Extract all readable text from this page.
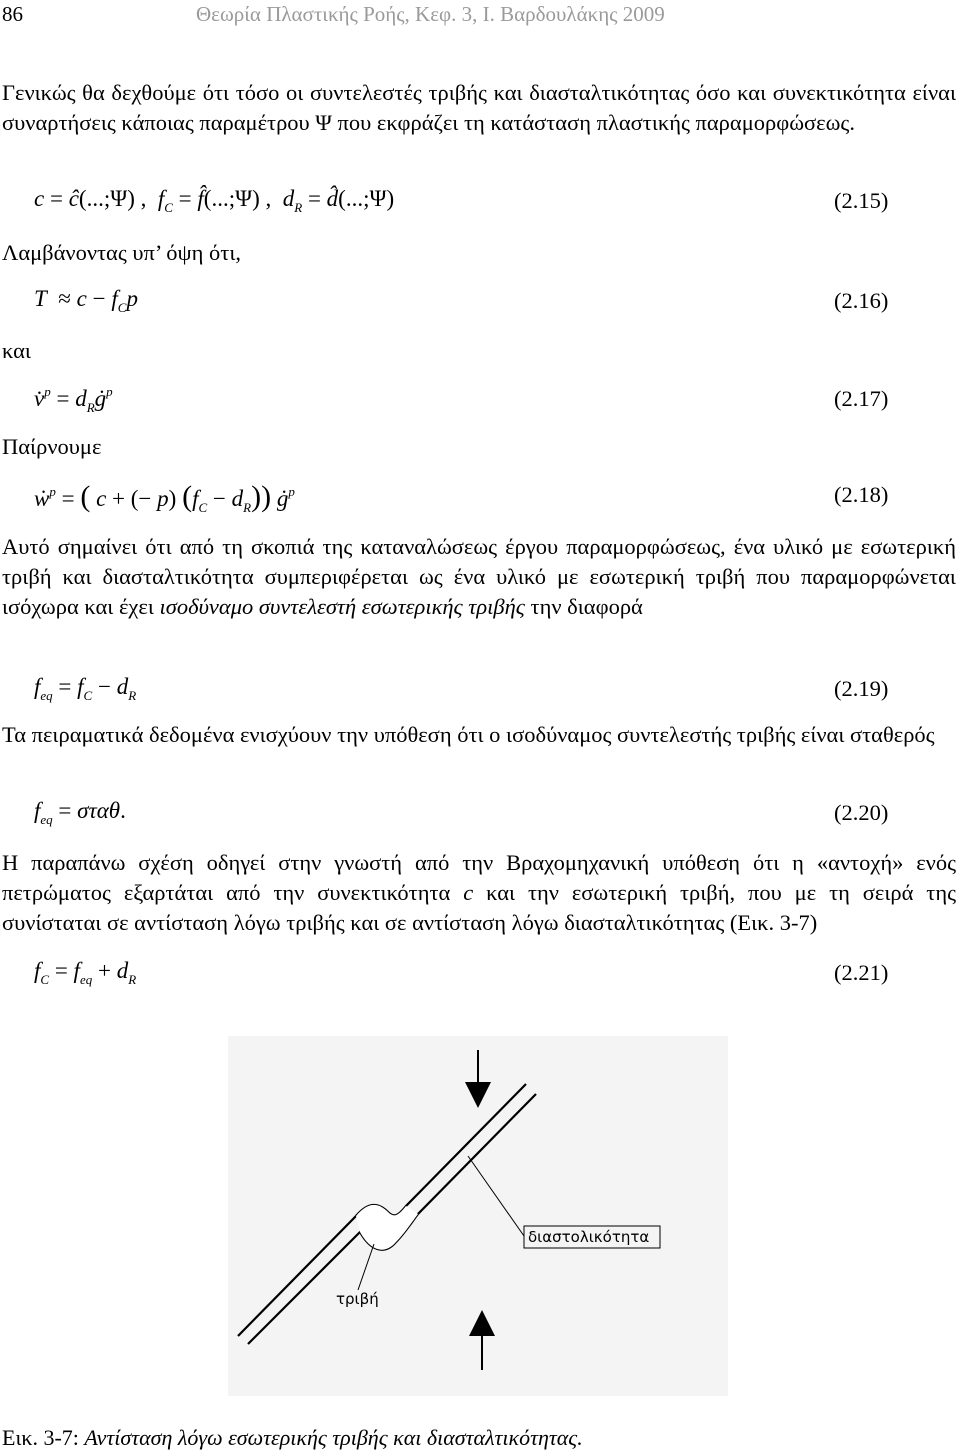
86	Θεωρία Πλαστικής Ροής, Κεφ. 3, Ι. Βαρδουλάκης 2009

Γενικώς θα δεχθούμε ότι τόσο οι συντελεστές τριβής και διασταλτικότητας όσο και συνεκτικότητα είναι συναρτήσεις κάποιας παραμέτρου Ψ που εκφράζει τη κατάσταση πλαστικής παραμορφώσεως.

c = ĉ(...;Ψ) ,  $f_C$ = f̂(...;Ψ) ,  $d_R$ = d̂(...;Ψ)	(2.15)
Λαμβάνοντας υπ’ όψη ότι,
$T \approx c - f_Cp$	(2.16)
και
v̇$^p$ = $d_Rġ^p$	(2.17)
Παίρνουμε
ẇ$^p$ = ( c + (− p) $(f_C - d_R)$) $ġ^p$	(2.18)

Αυτό σημαίνει ότι από τη σκοπιά της καταναλώσεως έργου παραμορφώσεως, ένα υλικό με εσωτερική τριβή και διασταλτικότητα συμπεριφέρεται ως ένα υλικό με εσωτερική τριβή που παραμορφώνεται ισόχωρα και έχει ισοδύναμο συντελεστή εσωτερικής τριβής την διαφορά

$f_{eq} = f_C - d_R$	(2.19)

Τα πειραματικά δεδομένα ενισχύουν την υπόθεση ότι ο ισοδύναμος συντελεστής τριβής είναι σταθερός

$f_{eq} = \sigma\tau\alpha\theta$.	(2.20)

Η παραπάνω σχέση οδηγεί στην γνωστή από την Βραχομηχανική υπόθεση ότι η «αντοχή» ενός πετρώματος εξαρτάται από την συνεκτικότητα c και την εσωτερική τριβή, που με τη σειρά της συνίσταται σε αντίσταση λόγω τριβής και σε αντίσταση λόγω διασταλτικότητας (Εικ. 3-7)

$f_C = f_{eq} + d_R$	(2.21)
διαστολικότητα
τριβή
Εικ. 3-7: Αντίσταση λόγω εσωτερικής τριβής και διασταλτικότητας.
